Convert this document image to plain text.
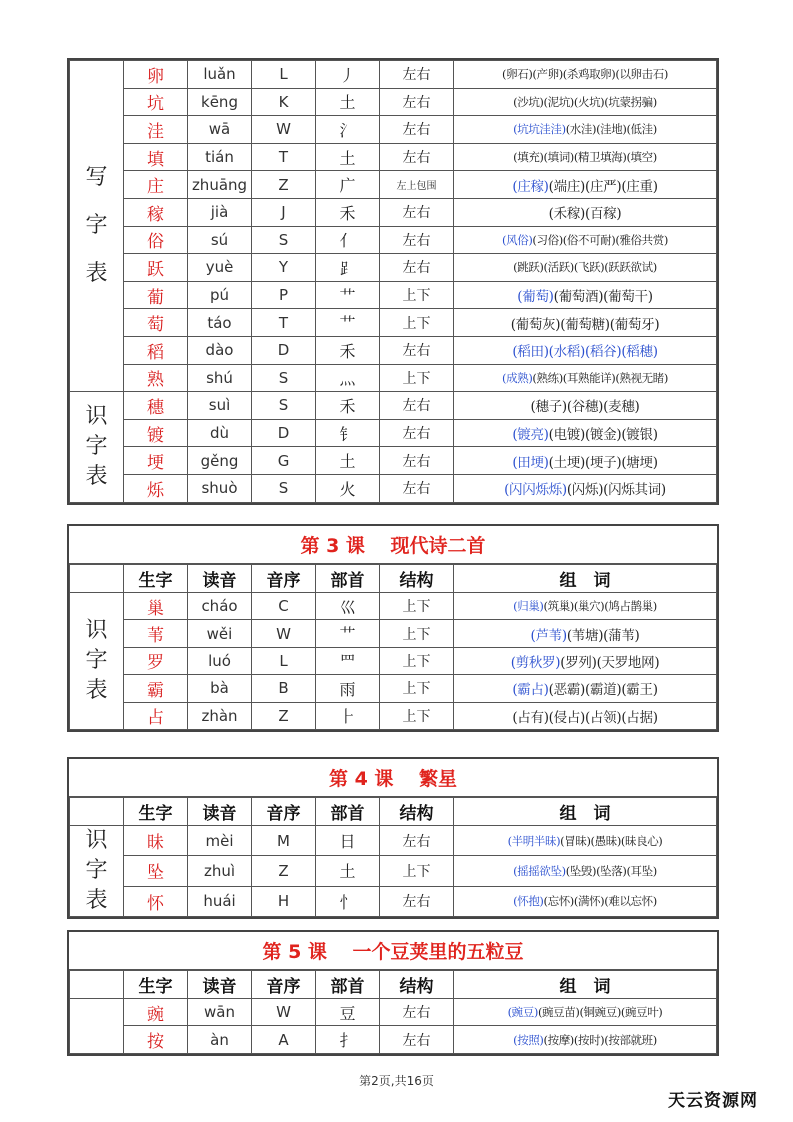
写
字
表	卵	luǎn	L	丿	左右	(卵石)(产卵)(杀鸡取卵)(以卵击石)
	坑	kēng	K	土	左右	(沙坑)(泥坑)(火坑)(坑蒙拐骗)
	洼	wā	W	氵	左右	(坑坑洼洼)(水洼)(洼地)(低洼)
	填	tián	T	土	左右	(填充)(填词)(精卫填海)(填空)
	庄	zhuāng	Z	广	左上包围	(庄稼)(端庄)(庄严)(庄重)
	稼	jià	J	禾	左右	(禾稼)(百稼)
	俗	sú	S	亻	左右	(风俗)(习俗)(俗不可耐)(雅俗共赏)
	跃	yuè	Y	⻊	左右	(跳跃)(活跃)(飞跃)(跃跃欲试)
	葡	pú	P	艹	上下	(葡萄)(葡萄酒)(葡萄干)
	萄	táo	T	艹	上下	(葡萄灰)(葡萄糖)(葡萄牙)
	稻	dào	D	禾	左右	(稻田)(水稻)(稻谷)(稻穗)
	熟	shú	S	灬	上下	(成熟)(熟练)(耳熟能详)(熟视无睹)

识
字
表	穗	suì	S	禾	左右	(穗子)(谷穗)(麦穗)
	镀	dù	D	钅	左右	(镀亮)(电镀)(镀金)(镀银)
	埂	gěng	G	土	左右	(田埂)(土埂)(埂子)(塘埂)
	烁	shuò	S	火	左右	(闪闪烁烁)(闪烁)(闪烁其词)
第 3 课　 现代诗二首
	生字	读音	音序	部首	结构	组　词

识
字
表	巢	cháo	C	巛	上下	(归巢)(筑巢)(巢穴)(鸠占鹊巢)
	苇	wěi	W	艹	上下	(芦苇)(苇塘)(蒲苇)
	罗	luó	L	罒	上下	(剪秋罗)(罗列)(天罗地网)
	霸	bà	B	雨	上下	(霸占)(恶霸)(霸道)(霸王)
	占	zhàn	Z	⺊	上下	(占有)(侵占)(占领)(占据)
第 4 课　 繁星
	生字	读音	音序	部首	结构	组　词

识
字
表	昧	mèi	M	日	左右	(半明半昧)(冒昧)(愚昧)(昧良心)
	坠	zhuì	Z	土	上下	(摇摇欲坠)(坠毁)(坠落)(耳坠)
	怀	huái	H	忄	左右	(怀抱)(忘怀)(满怀)(难以忘怀)
第 5 课　 一个豆荚里的五粒豆
	生字	读音	音序	部首	结构	组　词
	豌	wān	W	豆	左右	(豌豆)(豌豆苗)(铜豌豆)(豌豆叶)
	按	àn	A	扌	左右	(按照)(按摩)(按时)(按部就班)
第2页,共16页
天云资源网
